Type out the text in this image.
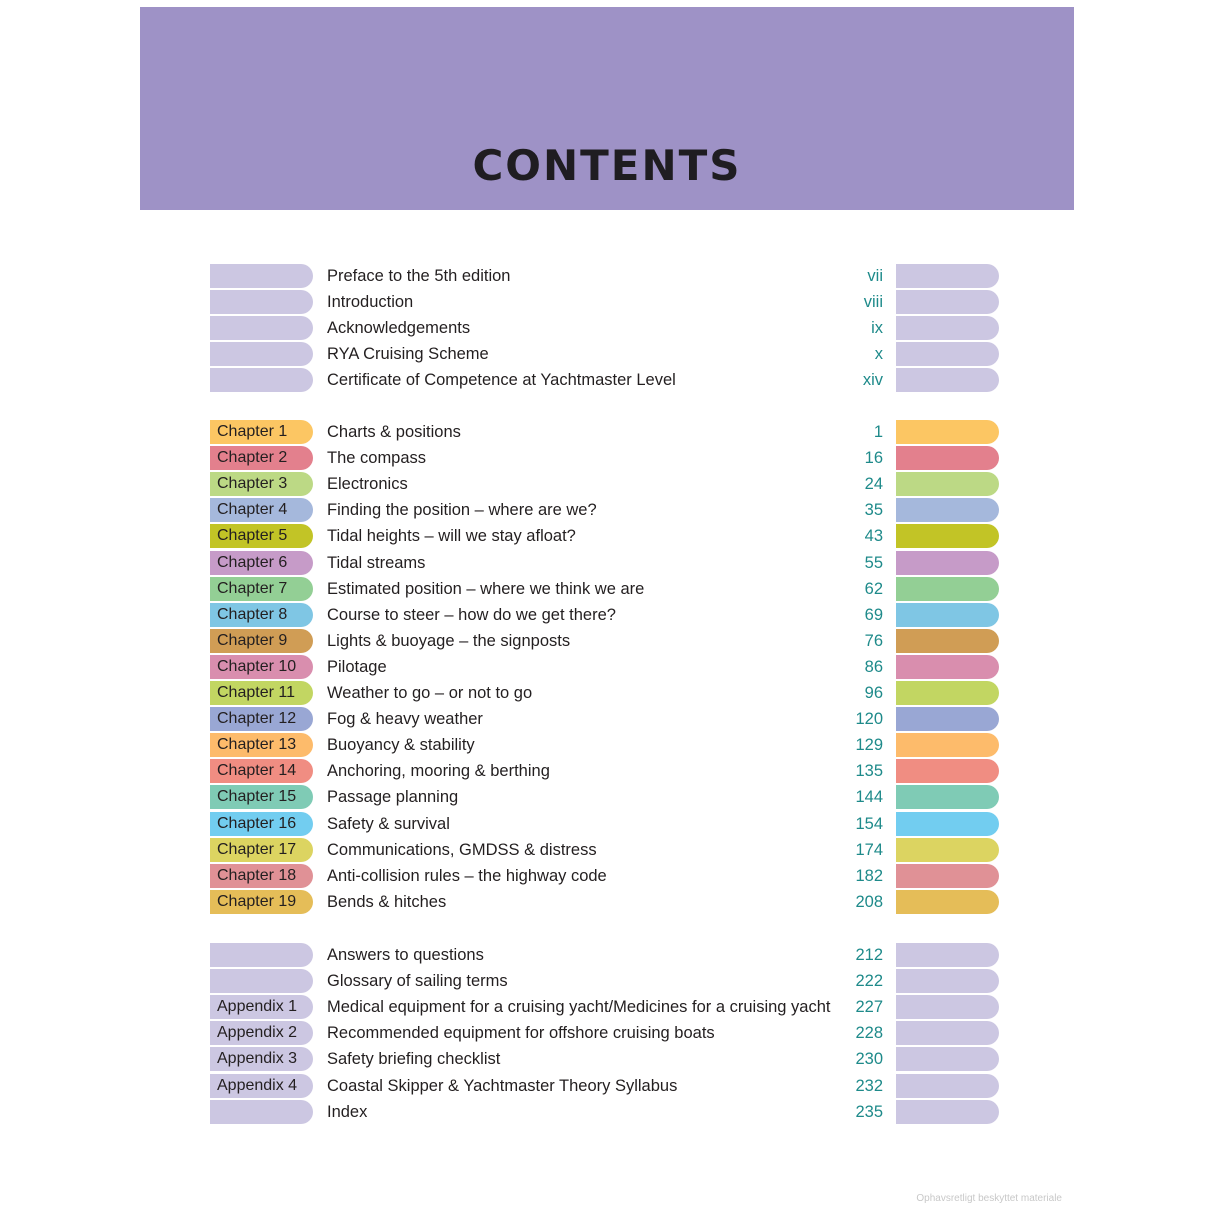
CONTENTS
Preface to the 5th edition	vii
Introduction	viii
Acknowledgements	ix
RYA Cruising Scheme	x
Certificate of Competence at Yachtmaster Level	xiv
Chapter 1	Charts & positions	1
Chapter 2	The compass	16
Chapter 3	Electronics	24
Chapter 4	Finding the position – where are we?	35
Chapter 5	Tidal heights – will we stay afloat?	43
Chapter 6	Tidal streams	55
Chapter 7	Estimated position – where we think we are	62
Chapter 8	Course to steer – how do we get there?	69
Chapter 9	Lights & buoyage – the signposts	76
Chapter 10	Pilotage	86
Chapter 11	Weather to go – or not to go	96
Chapter 12	Fog & heavy weather	120
Chapter 13	Buoyancy & stability	129
Chapter 14	Anchoring, mooring & berthing	135
Chapter 15	Passage planning	144
Chapter 16	Safety & survival	154
Chapter 17	Communications, GMDSS & distress	174
Chapter 18	Anti-collision rules – the highway code	182
Chapter 19	Bends & hitches	208
Answers to questions	212
Glossary of sailing terms	222
Appendix 1	Medical equipment for a cruising yacht/Medicines for a cruising yacht	227
Appendix 2	Recommended equipment for offshore cruising boats	228
Appendix 3	Safety briefing checklist	230
Appendix 4	Coastal Skipper & Yachtmaster Theory Syllabus	232
Index	235
Ophavsretligt beskyttet materiale
